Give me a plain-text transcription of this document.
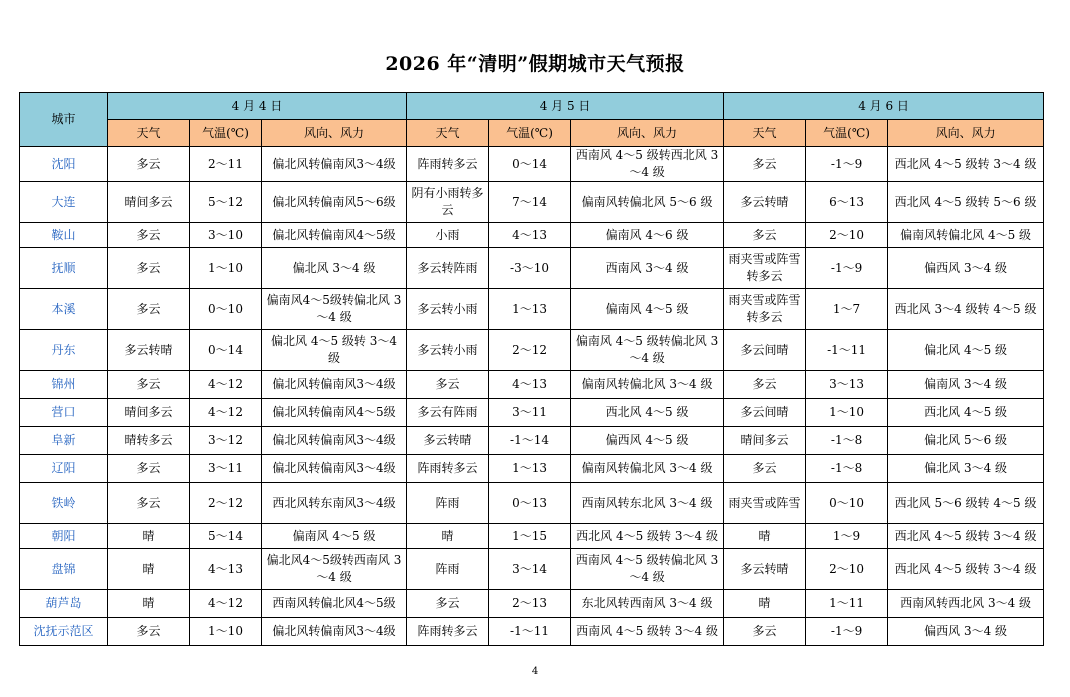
2026 年“清明”假期城市天气预报
城市	4 月 4 日			4 月 5 日			4 月 6 日		
	天气	气温(℃)	风向、风力	天气	气温(℃)	风向、风力	天气	气温(℃)	风向、风力
沈阳	多云	2～11	偏北风转偏南风3～4级	阵雨转多云	0～14	西南风 4～5 级转西北风 3～4 级	多云	-1～9	西北风 4～5 级转 3～4 级
大连	晴间多云	5～12	偏北风转偏南风5～6级	阴有小雨转多云	7～14	偏南风转偏北风 5～6 级	多云转晴	6～13	西北风 4～5 级转 5～6 级
鞍山	多云	3～10	偏北风转偏南风4～5级	小雨	4～13	偏南风 4～6 级	多云	2～10	偏南风转偏北风 4～5 级
抚顺	多云	1～10	偏北风 3～4 级	多云转阵雨	-3～10	西南风 3～4 级	雨夹雪或阵雪转多云	-1～9	偏西风 3～4 级
本溪	多云	0～10	偏南风4～5级转偏北风 3～4 级	多云转小雨	1～13	偏南风 4～5 级	雨夹雪或阵雪转多云	1～7	西北风 3～4 级转 4～5 级
丹东	多云转晴	0～14	偏北风 4～5 级转 3～4 级	多云转小雨	2～12	偏南风 4～5 级转偏北风 3～4 级	多云间晴	-1～11	偏北风 4～5 级
锦州	多云	4～12	偏北风转偏南风3～4级	多云	4～13	偏南风转偏北风 3～4 级	多云	3～13	偏南风 3～4 级
营口	晴间多云	4～12	偏北风转偏南风4～5级	多云有阵雨	3～11	西北风 4～5 级	多云间晴	1～10	西北风 4～5 级
阜新	晴转多云	3～12	偏北风转偏南风3～4级	多云转晴	-1～14	偏西风 4～5 级	晴间多云	-1～8	偏北风 5～6 级
辽阳	多云	3～11	偏北风转偏南风3～4级	阵雨转多云	1～13	偏南风转偏北风 3～4 级	多云	-1～8	偏北风 3～4 级
铁岭	多云	2～12	西北风转东南风3～4级	阵雨	0～13	西南风转东北风 3～4 级	雨夹雪或阵雪	0～10	西北风 5～6 级转 4～5 级
朝阳	晴	5～14	偏南风 4～5 级	晴	1～15	西北风 4～5 级转 3～4 级	晴	1～9	西北风 4～5 级转 3～4 级
盘锦	晴	4～13	偏北风4～5级转西南风 3～4 级	阵雨	3～14	西南风 4～5 级转偏北风 3～4 级	多云转晴	2～10	西北风 4～5 级转 3～4 级
葫芦岛	晴	4～12	西南风转偏北风4～5级	多云	2～13	东北风转西南风 3～4 级	晴	1～11	西南风转西北风 3～4 级
沈抚示范区	多云	1～10	偏北风转偏南风3～4级	阵雨转多云	-1～11	西南风 4～5 级转 3～4 级	多云	-1～9	偏西风 3～4 级
4
